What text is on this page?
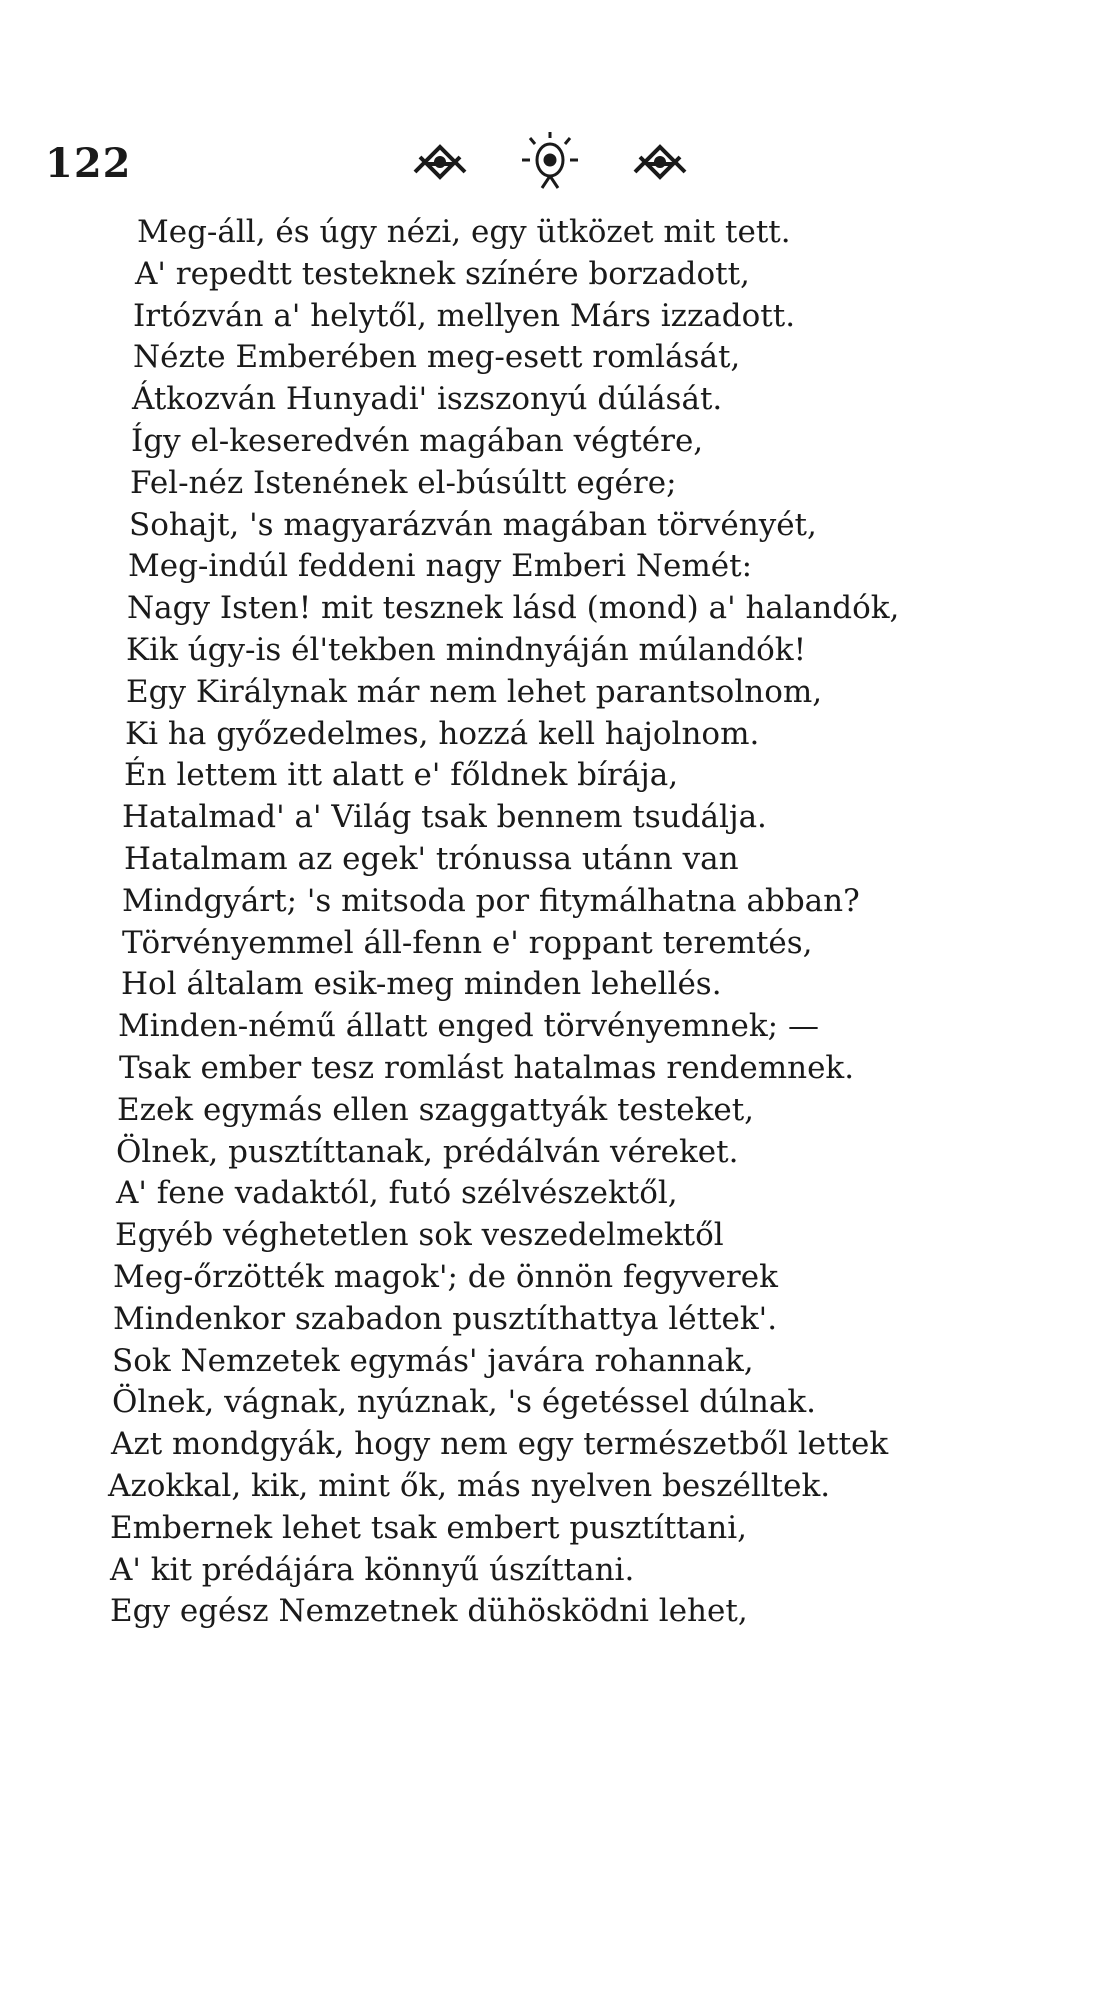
122
Meg-áll, és úgy nézi, egy ütközet mit tett.
A' repedtt testeknek színére borzadott,
Irtózván a' helytől, mellyen Márs izzadott.
Nézte Emberében meg-esett romlását,
Átkozván Hunyadi' iszszonyú dúlását.
Így el-keseredvén magában végtére,
Fel-néz Istenének el-búsúltt egére;
Sohajt, 's magyarázván magában törvényét,
Meg-indúl feddeni nagy Emberi Nemét:
Nagy Isten! mit tesznek lásd (mond) a' halandók,
Kik úgy-is él'tekben mindnyáján múlandók!
Egy Királynak már nem lehet parantsolnom,
Ki ha győzedelmes, hozzá kell hajolnom.
Én lettem itt alatt e' főldnek bírája,
Hatalmad' a' Világ tsak bennem tsudálja.
Hatalmam az egek' trónussa utánn van
Mindgyárt; 's mitsoda por fitymálhatna abban?
Törvényemmel áll-fenn e' roppant teremtés,
Hol általam esik-meg minden lehellés.
Minden-némű állatt enged törvényemnek; —
Tsak ember tesz romlást hatalmas rendemnek.
Ezek egymás ellen szaggattyák testeket,
Ölnek, pusztíttanak, prédálván véreket.
A' fene vadaktól, futó szélvészektől,
Egyéb véghetetlen sok veszedelmektől
Meg-őrzötték magok'; de önnön fegyverek
Mindenkor szabadon pusztíthattya léttek'.
Sok Nemzetek egymás' javára rohannak,
Ölnek, vágnak, nyúznak, 's égetéssel dúlnak.
Azt mondgyák, hogy nem egy természetből lettek
Azokkal, kik, mint ők, más nyelven beszélltek.
Embernek lehet tsak embert pusztíttani,
A' kit prédájára könnyű úszíttani.
Egy egész Nemzetnek dühösködni lehet,
